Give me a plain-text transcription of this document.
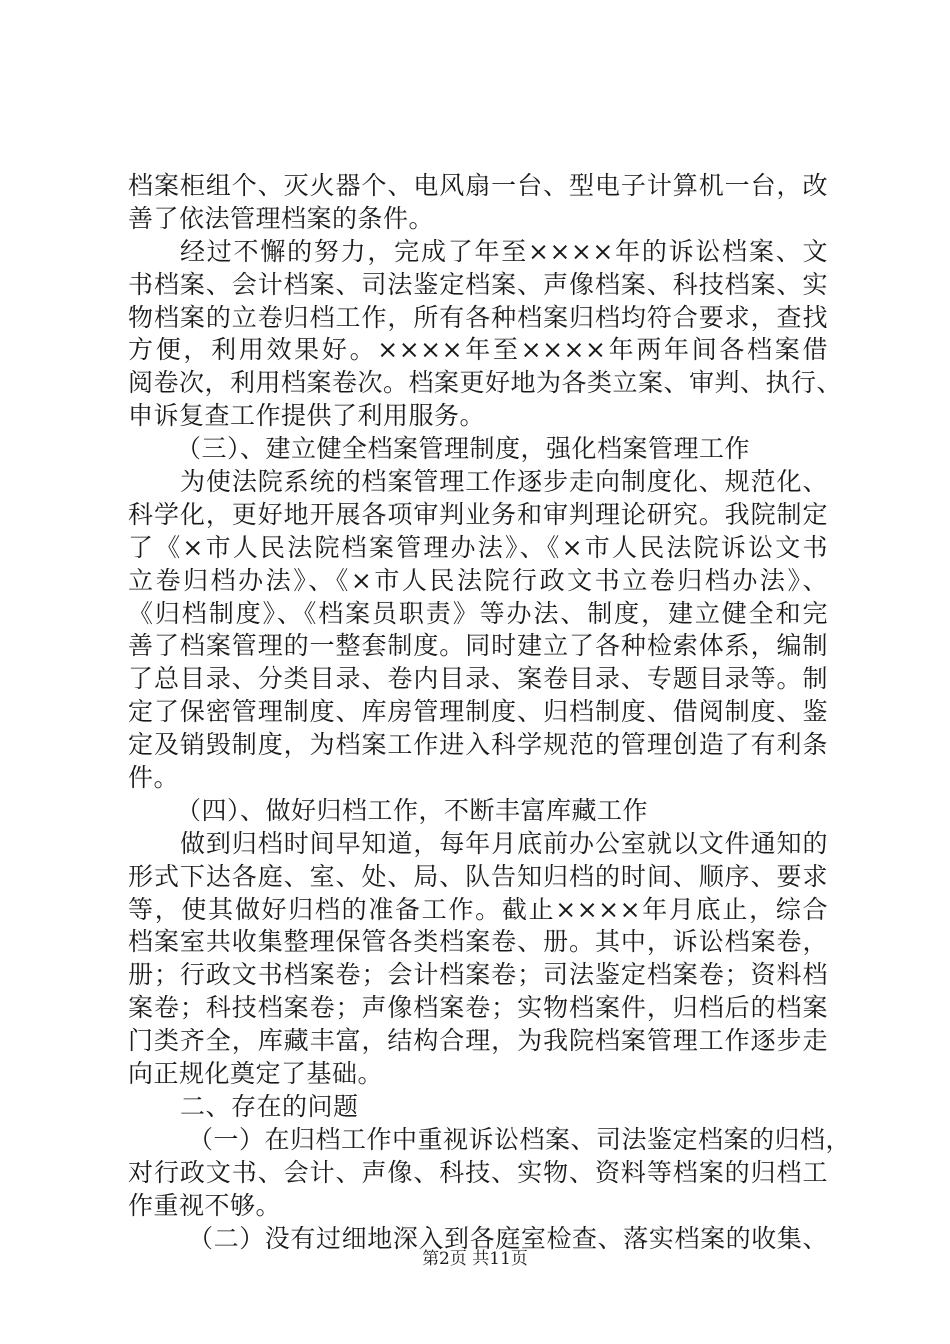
档案柜组个、灭火器个、电风扇一台、型电子计算机一台，改
善了依法管理档案的条件。
经过不懈的努力，完成了年至××××年的诉讼档案、文
书档案、会计档案、司法鉴定档案、声像档案、科技档案、实
物档案的立卷归档工作，所有各种档案归档均符合要求，查找
方便，利用效果好。××××年至××××年两年间各档案借
阅卷次，利用档案卷次。档案更好地为各类立案、审判、执行、
申诉复查工作提供了利用服务。
（三）、建立健全档案管理制度，强化档案管理工作
为使法院系统的档案管理工作逐步走向制度化、规范化、
科学化，更好地开展各项审判业务和审判理论研究。我院制定
了《×市人民法院档案管理办法》、《×市人民法院诉讼文书
立卷归档办法》、《×市人民法院行政文书立卷归档办法》、
《归档制度》、《档案员职责》等办法、制度，建立健全和完
善了档案管理的一整套制度。同时建立了各种检索体系，编制
了总目录、分类目录、卷内目录、案卷目录、专题目录等。制
定了保密管理制度、库房管理制度、归档制度、借阅制度、鉴
定及销毁制度，为档案工作进入科学规范的管理创造了有利条
件。
（四）、做好归档工作，不断丰富库藏工作
做到归档时间早知道，每年月底前办公室就以文件通知的
形式下达各庭、室、处、局、队告知归档的时间、顺序、要求
等，使其做好归档的准备工作。截止××××年月底止，综合
档案室共收集整理保管各类档案卷、册。其中，诉讼档案卷，
册；行政文书档案卷；会计档案卷；司法鉴定档案卷；资料档
案卷；科技档案卷；声像档案卷；实物档案件，归档后的档案
门类齐全，库藏丰富，结构合理，为我院档案管理工作逐步走
向正规化奠定了基础。
二、存在的问题
（一）在归档工作中重视诉讼档案、司法鉴定档案的归档，
对行政文书、会计、声像、科技、实物、资料等档案的归档工
作重视不够。
（二）没有过细地深入到各庭室检查、落实档案的收集、
第2页 共11页
